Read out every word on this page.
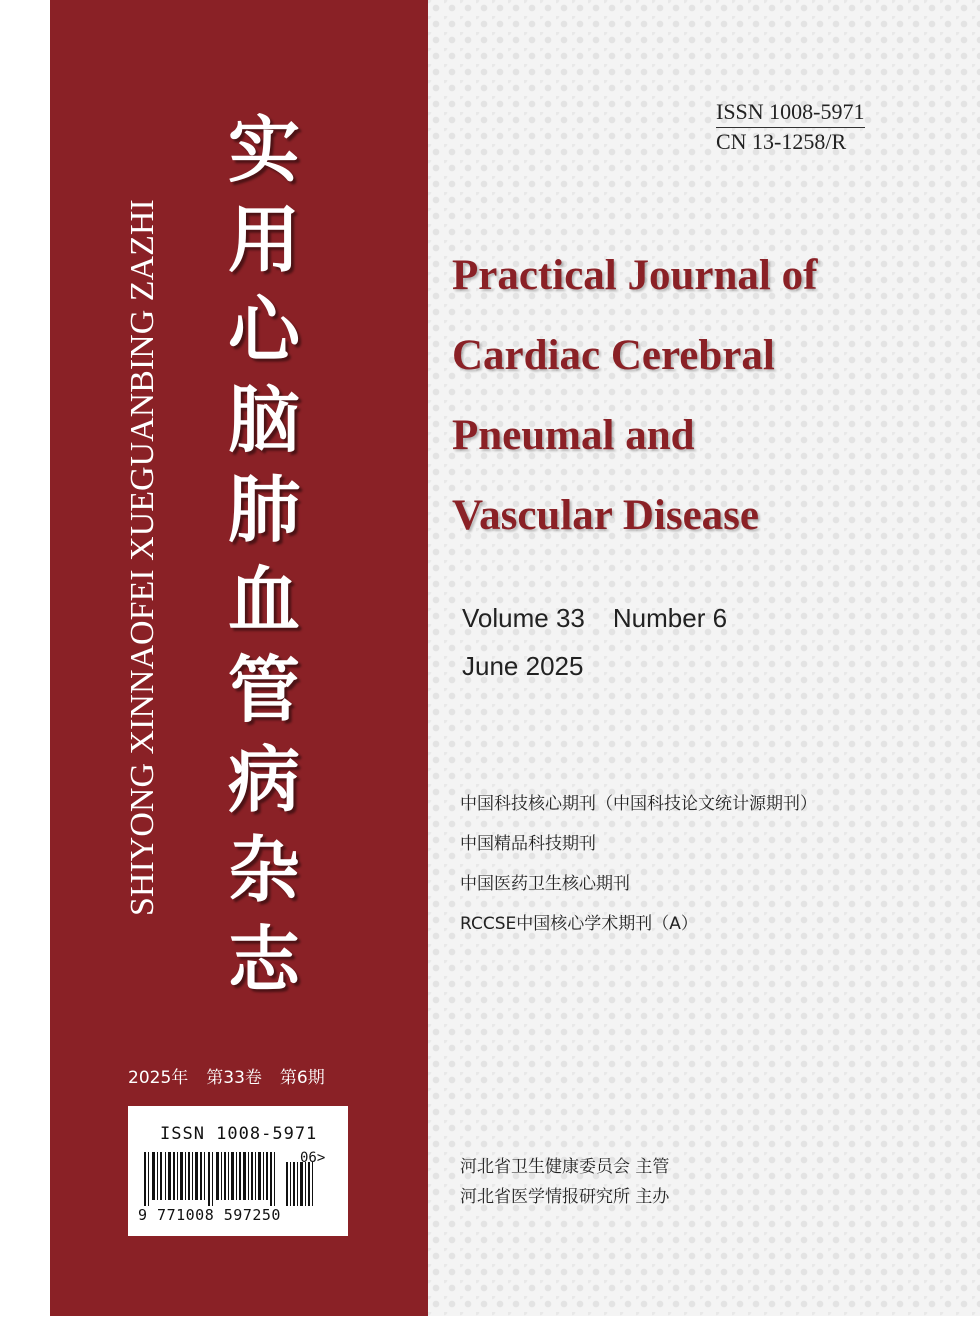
SHIYONG XINNAOFEI XUEGUANBING ZAZHI
实
用
心
脑
肺
血
管
病
杂
志
2025年 第33卷 第6期
ISSN 1008-5971
06>
9 771008 597250
ISSN 1008-5971
CN 13-1258/R
Practical Journal of
Cardiac Cerebral
Pneumal and
Vascular Disease
Volume 33 Number 6
June 2025
中国科技核心期刊（中国科技论文统计源期刊）
中国精品科技期刊
中国医药卫生核心期刊
RCCSE中国核心学术期刊（A）
河北省卫生健康委员会 主管
河北省医学情报研究所 主办
